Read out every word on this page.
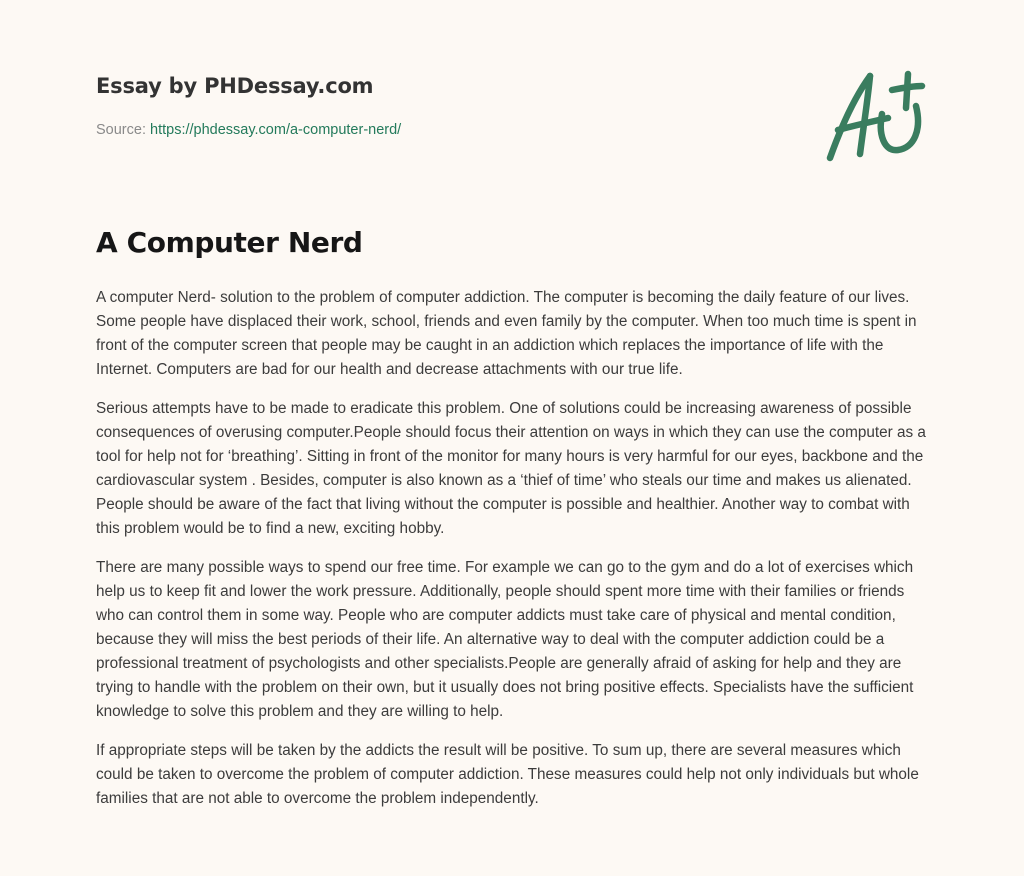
Essay by PHDessay.com
Source: https://phdessay.com/a-computer-nerd/
A Computer Nerd

A computer Nerd- solution to the problem of computer addiction. The computer is becoming the daily feature of our lives. Some people have displaced their work, school, friends and even family by the computer. When too much time is spent in front of the computer screen that people may be caught in an addiction which replaces the importance of life with the Internet. Computers are bad for our health and decrease attachments with our true life.

Serious attempts have to be made to eradicate this problem. One of solutions could be increasing awareness of possible consequences of overusing computer.People should focus their attention on ways in which they can use the computer as a tool for help not for ‘breathing’. Sitting in front of the monitor for many hours is very harmful for our eyes, backbone and the cardiovascular system . Besides, computer is also known as a ‘thief of time’ who steals our time and makes us alienated. People should be aware of the fact that living without the computer is possible and healthier. Another way to combat with this problem would be to find a new, exciting hobby.

There are many possible ways to spend our free time. For example we can go to the gym and do a lot of exercises which help us to keep fit and lower the work pressure. Additionally, people should spent more time with their families or friends who can control them in some way. People who are computer addicts must take care of physical and mental condition, because they will miss the best periods of their life. An alternative way to deal with the computer addiction could be a professional treatment of psychologists and other specialists.People are generally afraid of asking for help and they are trying to handle with the problem on their own, but it usually does not bring positive effects. Specialists have the sufficient knowledge to solve this problem and they are willing to help.

If appropriate steps will be taken by the addicts the result will be positive. To sum up, there are several measures which could be taken to overcome the problem of computer addiction. These measures could help not only individuals but whole families that are not able to overcome the problem independently.
